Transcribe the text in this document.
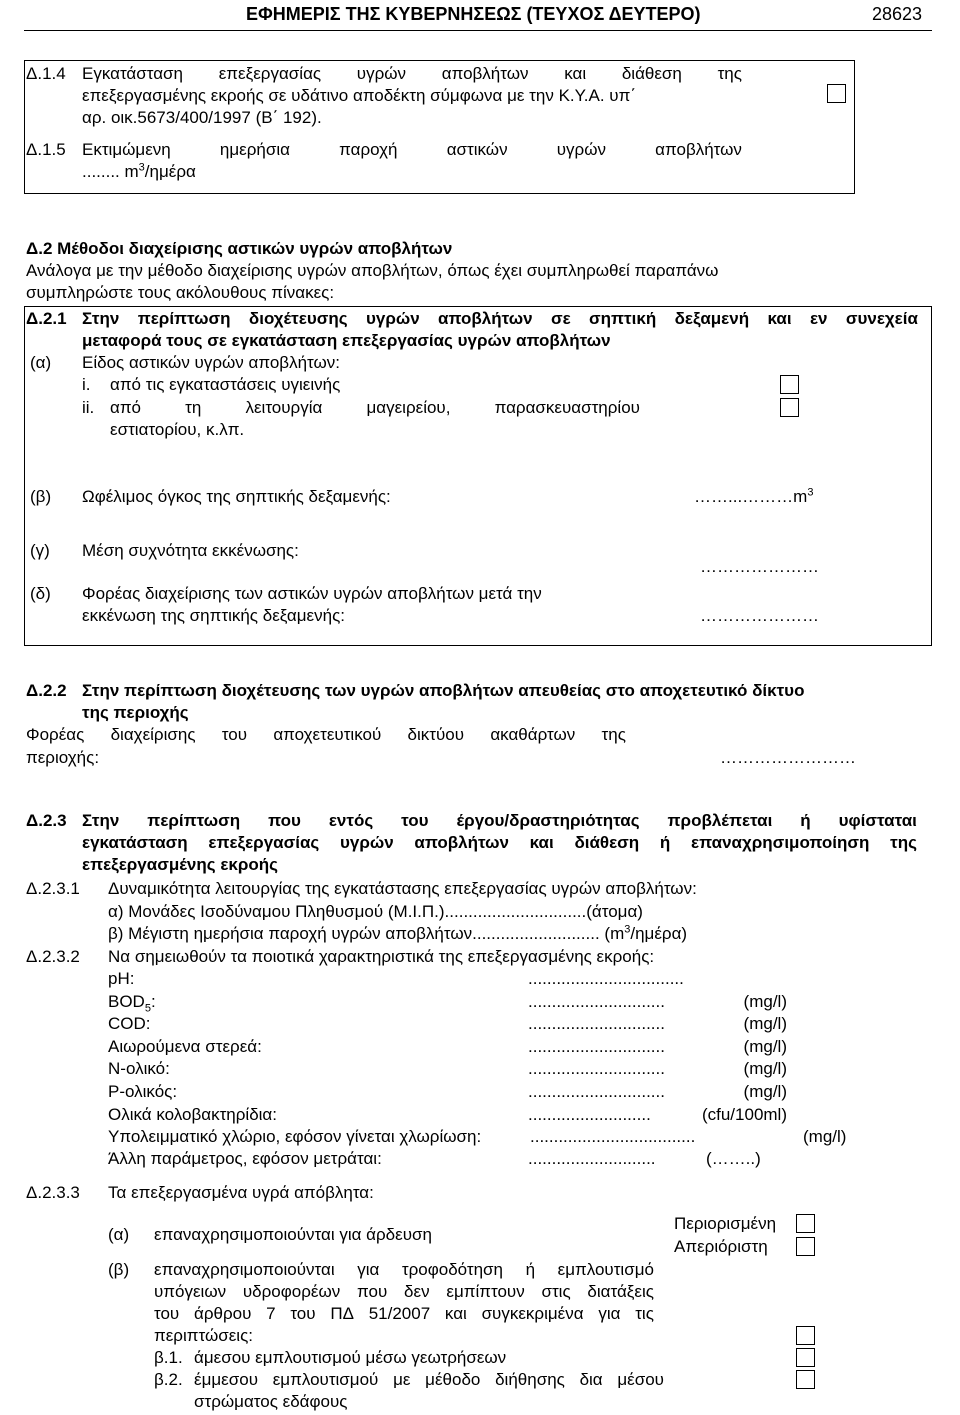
ΕΦΗΜΕΡΙΣ ΤΗΣ ΚΥΒΕΡΝΗΣΕΩΣ (ΤΕΥΧΟΣ ΔΕΥΤΕΡΟ)	28623
Δ.1.4 Εγκατάσταση επεξεργασίας υγρών αποβλήτων και διάθεση της
επεξεργασμένης εκροής σε υδάτινο αποδέκτη σύμφωνα με την Κ.Υ.Α. υπ΄
αρ. οικ.5673/400/1997 (Β΄ 192).
Δ.1.5 Εκτιμώμενη	ημερήσια	παροχή	αστικών	υγρών	αποβλήτων
........ $m^3$/ημέρα
Δ.2 Μέθοδοι διαχείρισης αστικών υγρών αποβλήτων
Ανάλογα με την μέθοδο διαχείρισης υγρών αποβλήτων, όπως έχει συμπληρωθεί παραπάνω
συμπληρώστε τους ακόλουθους πίνακες:
Δ.2.1 Στην περίπτωση διοχέτευσης υγρών αποβλήτων σε σηπτική δεξαμενή και εν συνεχεία
μεταφορά τους σε εγκατάσταση επεξεργασίας υγρών αποβλήτων
(α) Είδος αστικών υγρών αποβλήτων:
i. από τις εγκαταστάσεις υγιεινής
ii. από	τη	λειτουργία	μαγειρείου,	παρασκευαστηρίου
εστιατορίου, κ.λπ.
(β) Ωφέλιμος όγκος της σηπτικής δεξαμενής:	$\dots\dots...\dots\dots\dots m^3$
(γ) Μέση συχνότητα εκκένωσης:
…………………
(δ) Φορέας διαχείρισης των αστικών υγρών αποβλήτων μετά την
εκκένωση της σηπτικής δεξαμενής:	…………………
Δ.2.2 Στην περίπτωση διοχέτευσης των υγρών αποβλήτων απευθείας στο αποχετευτικό δίκτυο
της περιοχής
Φορέας διαχείρισης του αποχετευτικού δικτύου ακαθάρτων της
περιοχής:	……………………
Δ.2.3 Στην περίπτωση που εντός του έργου/δραστηριότητας προβλέπεται ή υφίσταται
εγκατάσταση επεξεργασίας υγρών αποβλήτων και διάθεση ή επαναχρησιμοποίηση της
επεξεργασμένης εκροής
Δ.2.3.1 Δυναμικότητα λειτουργίας της εγκατάστασης επεξεργασίας υγρών αποβλήτων:
α) Μονάδες Ισοδύναμου Πληθυσμού (Μ.Ι.Π.)..............................(άτομα)
β) Μέγιστη ημερήσια παροχή υγρών αποβλήτων........................... $(m^3/\eta\mu έ\rho\alpha)$
Δ.2.3.2 Να σημειωθούν τα ποιοτικά χαρακτηριστικά της επεξεργασμένης εκροής:
pH:	.................................
$BOD_5$:	.............................	(mg/l)
COD:	.............................	(mg/l)
Αιωρούμενα στερεά:	.............................	(mg/l)
N-ολικό:	.............................	(mg/l)
P-ολικός:	.............................	(mg/l)
Ολικά κολοβακτηρίδια:	..........................	(cfu/100ml)
Υπολειμματικό χλώριο, εφόσον γίνεται χλωρίωση:	...................................	(mg/l)
Άλλη παράμετρος, εφόσον μετράται:	...........................	(……..)
Δ.2.3.3 Τα επεξεργασμένα υγρά απόβλητα:
(α) επαναχρησιμοποιούνται για άρδευση
Περιορισμένη
Απεριόριστη
(β) επαναχρησιμοποιούνται για τροφοδότηση ή εμπλουτισμό
υπόγειων υδροφορέων που δεν εμπίπτουν στις διατάξεις
του άρθρου 7 του ΠΔ 51/2007 και συγκεκριμένα για τις
περιπτώσεις:
β.1. άμεσου εμπλουτισμού μέσω γεωτρήσεων
β.2. έμμεσου εμπλουτισμού με μέθοδο διήθησης δια μέσου
στρώματος εδάφους
